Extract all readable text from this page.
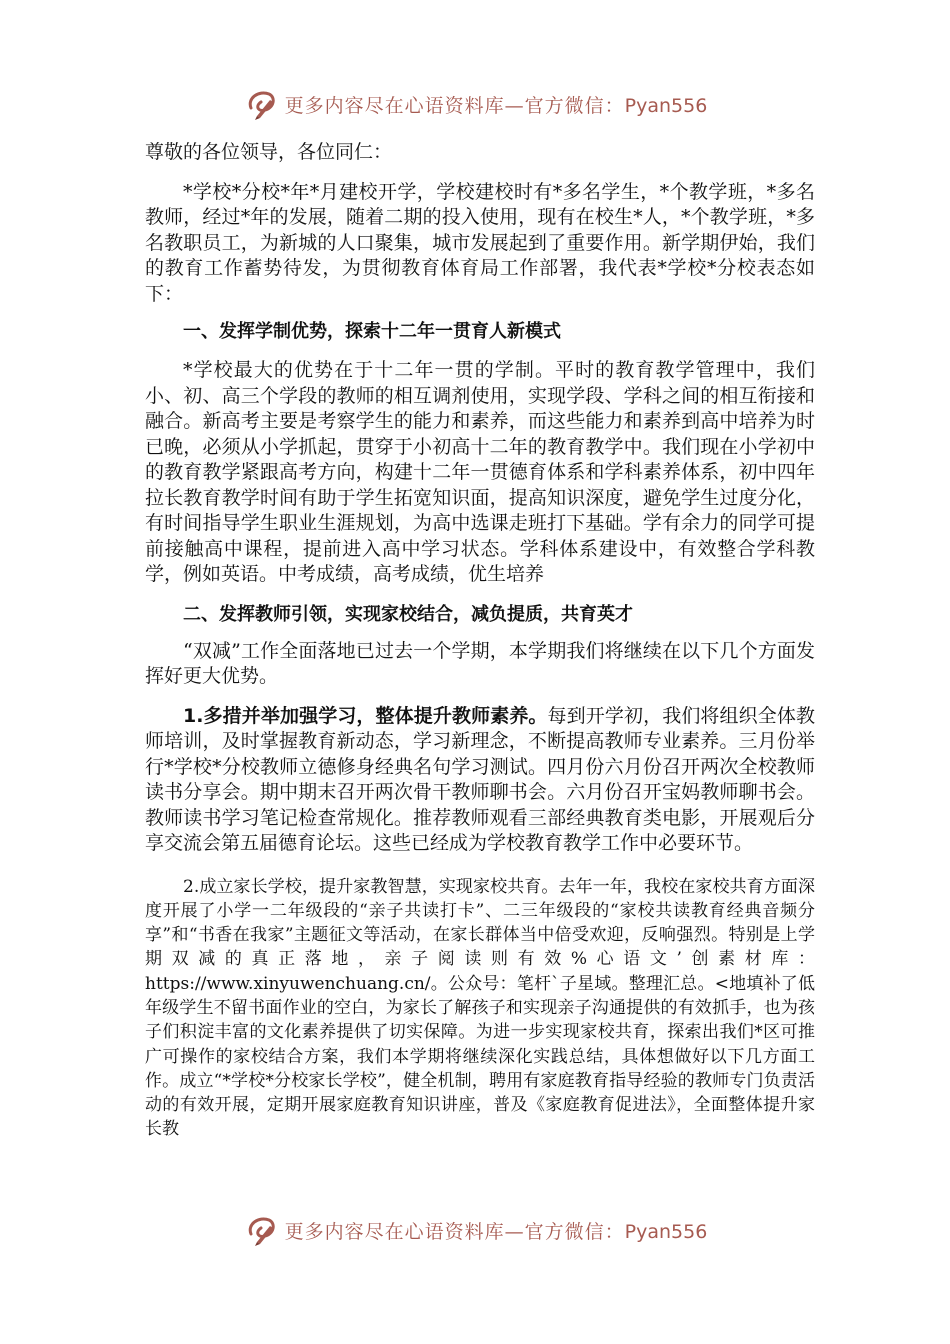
更多内容尽在心语资料库—官方微信：Pyan556

尊敬的各位领导，各位同仁：

*学校*分校*年*月建校开学，学校建校时有*多名学生，*个教学班，*多名教师，经过*年的发展，随着二期的投入使用，现有在校生*人，*个教学班，*多名教职员工，为新城的人口聚集，城市发展起到了重要作用。新学期伊始，我们的教育工作蓄势待发，为贯彻教育体育局工作部署，我代表*学校*分校表态如下：

一、发挥学制优势，探索十二年一贯育人新模式

*学校最大的优势在于十二年一贯的学制。平时的教育教学管理中，我们小、初、高三个学段的教师的相互调剂使用，实现学段、学科之间的相互衔接和融合。新高考主要是考察学生的能力和素养，而这些能力和素养到高中培养为时已晚，必须从小学抓起，贯穿于小初高十二年的教育教学中。我们现在小学初中的教育教学紧跟高考方向，构建十二年一贯德育体系和学科素养体系，初中四年拉长教育教学时间有助于学生拓宽知识面，提高知识深度，避免学生过度分化，有时间指导学生职业生涯规划，为高中选课走班打下基础。学有余力的同学可提前接触高中课程，提前进入高中学习状态。学科体系建设中，有效整合学科教学，例如英语。中考成绩，高考成绩，优生培养

二、发挥教师引领，实现家校结合，减负提质，共育英才

“双减”工作全面落地已过去一个学期，本学期我们将继续在以下几个方面发挥好更大优势。

1.多措并举加强学习，整体提升教师素养。每到开学初，我们将组织全体教师培训，及时掌握教育新动态，学习新理念，不断提高教师专业素养。三月份举行*学校*分校教师立德修身经典名句学习测试。四月份六月份召开两次全校教师读书分享会。期中期末召开两次骨干教师聊书会。六月份召开宝妈教师聊书会。教师读书学习笔记检查常规化。推荐教师观看三部经典教育类电影，开展观后分享交流会第五届德育论坛。这些已经成为学校教育教学工作中必要环节。

2.成立家长学校，提升家教智慧，实现家校共育。去年一年，我校在家校共育方面深度开展了小学一二年级段的“亲子共读打卡”、二三年级段的“家校共读教育经典音频分享”和“书香在我家”主题征文等活动，在家长群体当中倍受欢迎，反响强烈。特别是上学期双减的真正落地，亲子阅读则有效%心语文’创素材库：https://www.xinyuwenchuang.cn/。公众号：笔杆`子星域。整理汇总。<地填补了低年级学生不留书面作业的空白，为家长了解孩子和实现亲子沟通提供的有效抓手，也为孩子们积淀丰富的文化素养提供了切实保障。为进一步实现家校共育，探索出我们*区可推广可操作的家校结合方案，我们本学期将继续深化实践总结，具体想做好以下几方面工作。成立“*学校*分校家长学校”，健全机制，聘用有家庭教育指导经验的教师专门负责活动的有效开展，定期开展家庭教育知识讲座，普及《家庭教育促进法》，全面整体提升家长教

更多内容尽在心语资料库—官方微信：Pyan556
